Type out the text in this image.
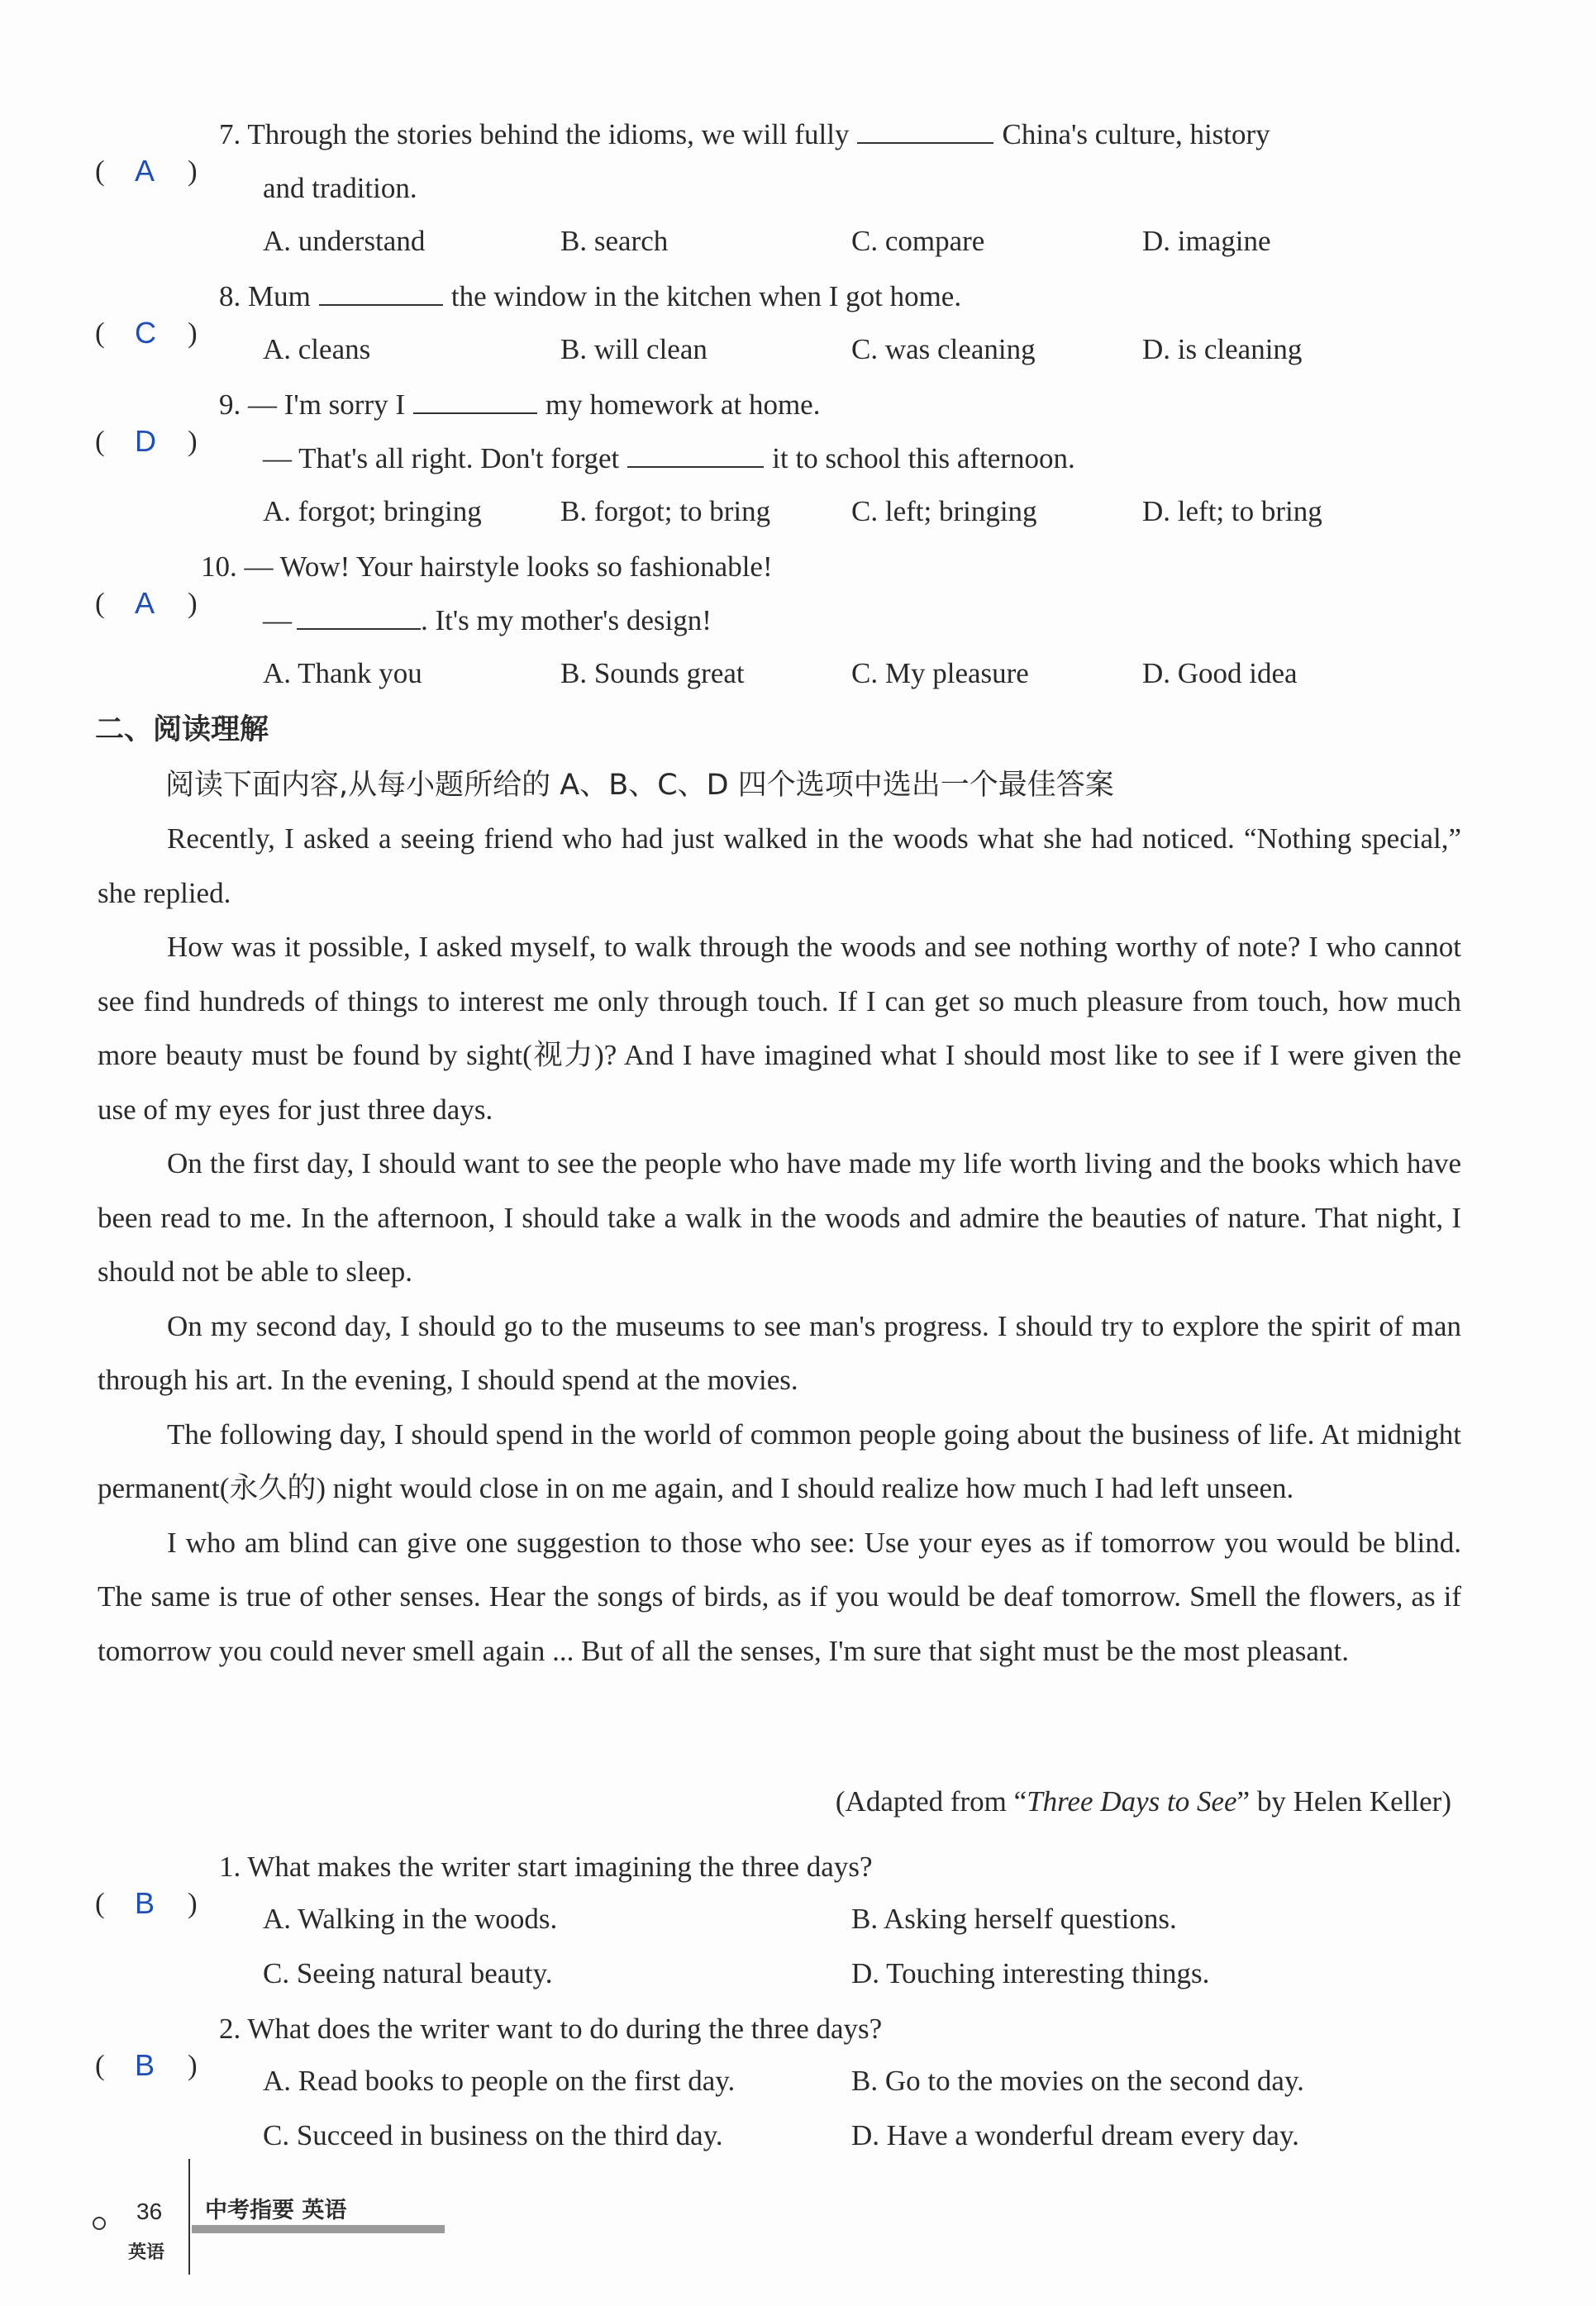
( A )
7. Through the stories behind the idioms, we will fully	China's culture, history
and tradition.
A. understand	B. search	C. compare	D. imagine
( C )
8. Mum	the window in the kitchen when I got home.
A. cleans	B. will clean	C. was cleaning	D. is cleaning
( D )
9. — I'm sorry I	my homework at home.
— That's all right. Don't forget	it to school this afternoon.
A. forgot; bringing	B. forgot; to bring	C. left; bringing	D. left; to bring
( A )
10. — Wow! Your hairstyle looks so fashionable!
—	. It's my mother's design!
A. Thank you	B. Sounds great	C. My pleasure	D. Good idea
二、阅读理解
阅读下面内容,从每小题所给的 A、B、C、D 四个选项中选出一个最佳答案

Recently, I asked a seeing friend who had just walked in the woods what she had noticed. “Nothing special,” she replied.

How was it possible, I asked myself, to walk through the woods and see nothing worthy of note? I who cannot see find hundreds of things to interest me only through touch. If I can get so much pleasure from touch, how much more beauty must be found by sight(视力)? And I have imagined what I should most like to see if I were given the use of my eyes for just three days.

On the first day, I should want to see the people who have made my life worth living and the books which have been read to me. In the afternoon, I should take a walk in the woods and admire the beauties of nature. That night, I should not be able to sleep.

On my second day, I should go to the museums to see man's progress. I should try to explore the spirit of man through his art. In the evening, I should spend at the movies.

The following day, I should spend in the world of common people going about the business of life. At midnight permanent(永久的) night would close in on me again, and I should realize how much I had left unseen.

I who am blind can give one suggestion to those who see: Use your eyes as if tomorrow you would be blind. The same is true of other senses. Hear the songs of birds, as if you would be deaf tomorrow. Smell the flowers, as if tomorrow you could never smell again ... But of all the senses, I'm sure that sight must be the most pleasant.

(Adapted from “Three Days to See” by Helen Keller)
( B )
1. What makes the writer start imagining the three days?
A. Walking in the woods.	B. Asking herself questions.
C. Seeing natural beauty.	D. Touching interesting things.
( B )
2. What does the writer want to do during the three days?
A. Read books to people on the first day.	B. Go to the movies on the second day.
C. Succeed in business on the third day.	D. Have a wonderful dream every day.
36
英语
中考指要 英语
